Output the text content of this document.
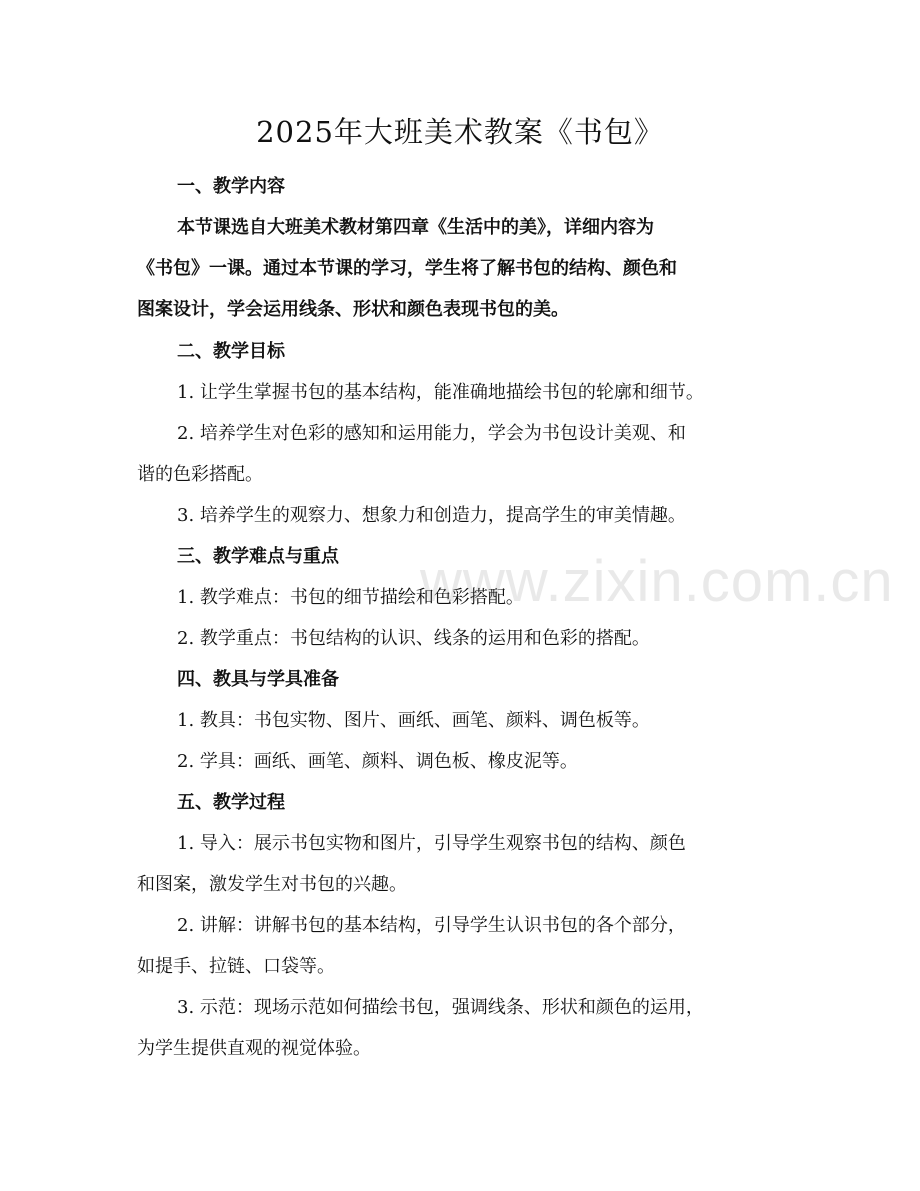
2025年大班美术教案《书包》
一、教学内容
本节课选自大班美术教材第四章《生活中的美》，详细内容为
《书包》一课。通过本节课的学习，学生将了解书包的结构、颜色和
图案设计，学会运用线条、形状和颜色表现书包的美。
二、教学目标
1. 让学生掌握书包的基本结构，能准确地描绘书包的轮廓和细节。
2. 培养学生对色彩的感知和运用能力，学会为书包设计美观、和
谐的色彩搭配。
3. 培养学生的观察力、想象力和创造力，提高学生的审美情趣。
三、教学难点与重点
1. 教学难点：书包的细节描绘和色彩搭配。
2. 教学重点：书包结构的认识、线条的运用和色彩的搭配。
四、教具与学具准备
1. 教具：书包实物、图片、画纸、画笔、颜料、调色板等。
2. 学具：画纸、画笔、颜料、调色板、橡皮泥等。
五、教学过程
1. 导入：展示书包实物和图片，引导学生观察书包的结构、颜色
和图案，激发学生对书包的兴趣。
2. 讲解：讲解书包的基本结构，引导学生认识书包的各个部分，
如提手、拉链、口袋等。
3. 示范：现场示范如何描绘书包，强调线条、形状和颜色的运用，
为学生提供直观的视觉体验。
www.zixin.com.cn
